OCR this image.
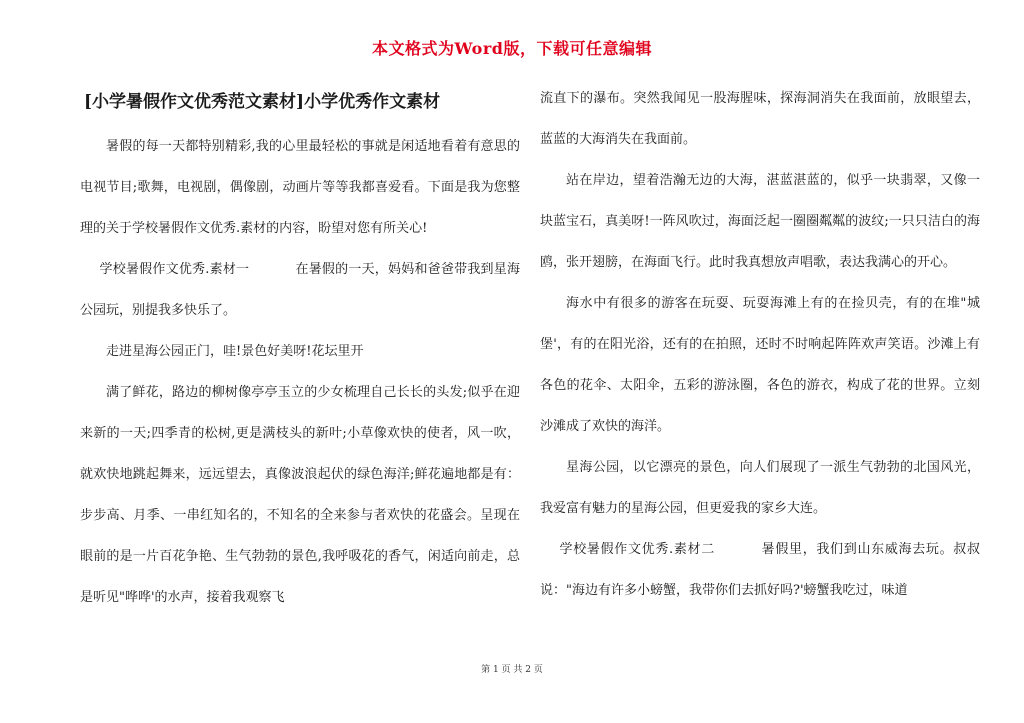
本文格式为Word版，下载可任意编辑
[小学暑假作文优秀范文素材]小学优秀作文素材

暑假的每一天都特别精彩,我的心里最轻松的事就是闲适地看着有意思的电视节目;歌舞，电视剧，偶像剧，动画片等等我都喜爱看。下面是我为您整理的关于学校暑假作文优秀.素材的内容，盼望对您有所关心!

学校暑假作文优秀.素材一	在暑假的一天，妈妈和爸爸带我到星海公园玩，别提我多快乐了。

走进星海公园正门，哇!景色好美呀!花坛里开

满了鲜花，路边的柳树像亭亭玉立的少女梳理自己长长的头发;似乎在迎来新的一天;四季青的松树,更是满枝头的新叶;小草像欢快的使者，风一吹，就欢快地跳起舞来，远远望去，真像波浪起伏的绿色海洋;鲜花遍地都是有：步步高、月季、一串红知名的，不知名的全来参与者欢快的花盛会。呈现在眼前的是一片百花争艳、生气勃勃的景色,我呼吸花的香气，闲适向前走，总是听见"哗哗'的水声，接着我观察飞

流直下的瀑布。突然我闻见一股海腥味，探海洞消失在我面前，放眼望去，蓝蓝的大海消失在我面前。

站在岸边，望着浩瀚无边的大海，湛蓝湛蓝的，似乎一块翡翠，又像一块蓝宝石，真美呀!一阵风吹过，海面泛起一圈圈粼粼的波纹;一只只洁白的海鸥，张开翅膀，在海面飞行。此时我真想放声唱歌，表达我满心的开心。

海水中有很多的游客在玩耍、玩耍海滩上有的在捡贝壳，有的在堆"城堡'，有的在阳光浴，还有的在拍照，还时不时响起阵阵欢声笑语。沙滩上有各色的花伞、太阳伞，五彩的游泳圈，各色的游衣，构成了花的世界。立刻沙滩成了欢快的海洋。

星海公园，以它漂亮的景色，向人们展现了一派生气勃勃的北国风光，我爱富有魅力的星海公园，但更爱我的家乡大连。

学校暑假作文优秀.素材二	暑假里，我们到山东威海去玩。叔叔说："海边有许多小螃蟹，我带你们去抓好吗?'螃蟹我吃过，味道

第 1 页 共 2 页
